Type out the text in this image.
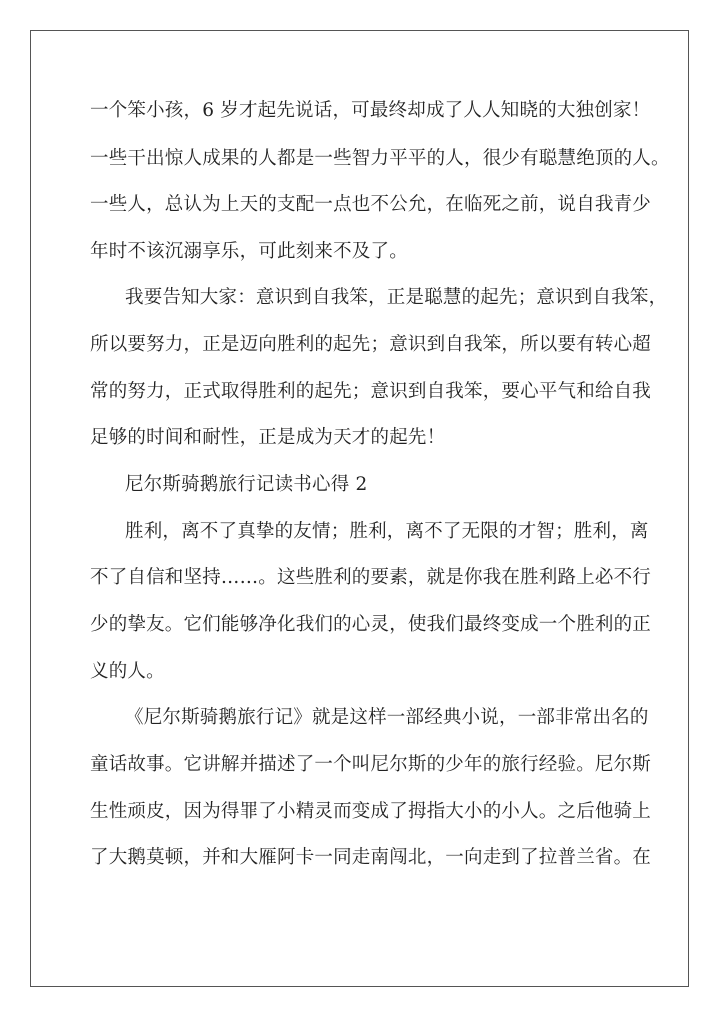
一个笨小孩，6 岁才起先说话，可最终却成了人人知晓的大独创家！
一些干出惊人成果的人都是一些智力平平的人，很少有聪慧绝顶的人。
一些人，总认为上天的支配一点也不公允，在临死之前，说自我青少
年时不该沉溺享乐，可此刻来不及了。
我要告知大家：意识到自我笨，正是聪慧的起先；意识到自我笨，
所以要努力，正是迈向胜利的起先；意识到自我笨，所以要有转心超
常的努力，正式取得胜利的起先；意识到自我笨，要心平气和给自我
足够的时间和耐性，正是成为天才的起先！
尼尔斯骑鹅旅行记读书心得 2
胜利，离不了真挚的友情；胜利，离不了无限的才智；胜利，离
不了自信和坚持……。这些胜利的要素，就是你我在胜利路上必不行
少的挚友。它们能够净化我们的心灵，使我们最终变成一个胜利的正
义的人。
《尼尔斯骑鹅旅行记》就是这样一部经典小说，一部非常出名的
童话故事。它讲解并描述了一个叫尼尔斯的少年的旅行经验。尼尔斯
生性顽皮，因为得罪了小精灵而变成了拇指大小的小人。之后他骑上
了大鹅莫顿，并和大雁阿卡一同走南闯北，一向走到了拉普兰省。在
